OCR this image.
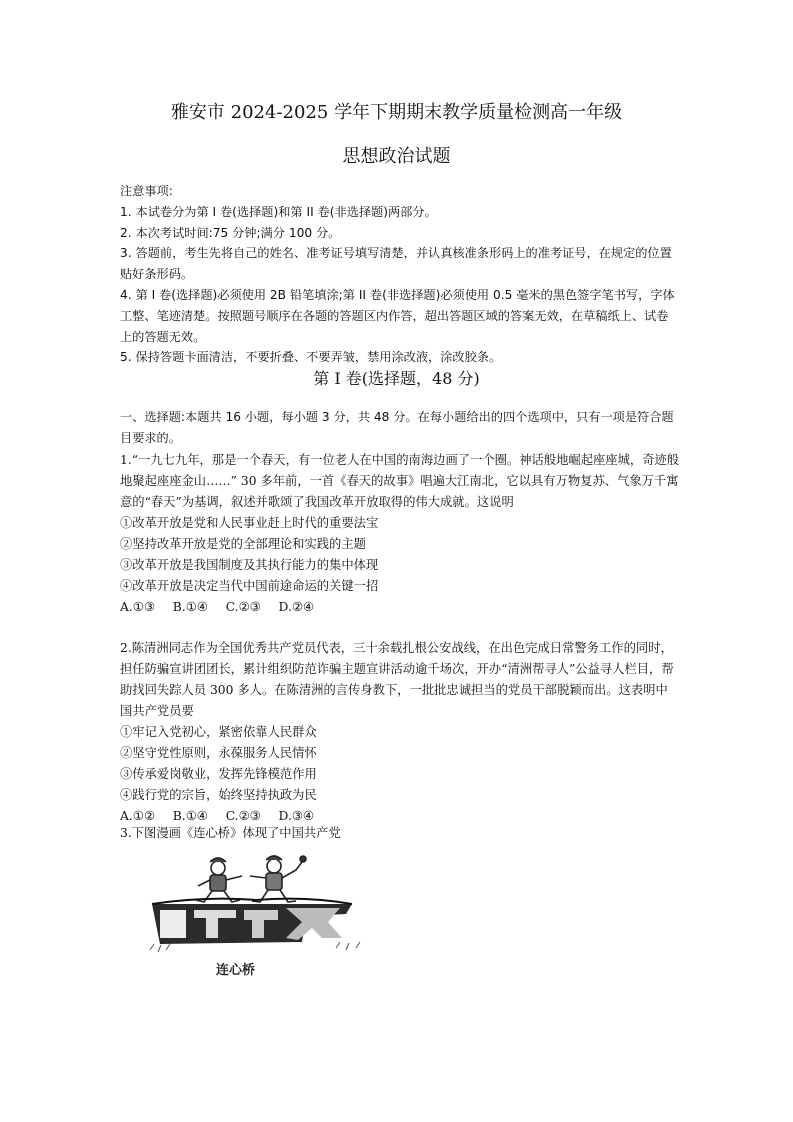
雅安市 2024-2025 学年下期期末教学质量检测高一年级
思想政治试题
注意事项:
1. 本试卷分为第 I 卷(选择题)和第 II 卷(非选择题)两部分。
2. 本次考试时间:75 分钟;满分 100 分。
3. 答题前，考生先将自己的姓名、准考证号填写清楚，并认真核准条形码上的准考证号，在规定的位置贴好条形码。
4. 第 I 卷(选择题)必须使用 2B 铅笔填涂;第 II 卷(非选择题)必须使用 0.5 毫米的黑色签字笔书写，字体工整、笔迹清楚。按照题号顺序在各题的答题区内作答，超出答题区域的答案无效，在草稿纸上、试卷上的答题无效。
5. 保持答题卡面清洁，不要折叠、不要弄皱，禁用涂改液，涂改胶条。
第 I 卷(选择题，48 分)
一、选择题:本题共 16 小题，每小题 3 分，共 48 分。在每小题给出的四个选项中，只有一项是符合题目要求的。
1.“一九七九年，那是一个春天，有一位老人在中国的南海边画了一个圈。神话般地崛起座座城，奇迹般地聚起座座金山……” 30 多年前，一首《春天的故事》唱遍大江南北，它以具有万物复苏、气象万千寓意的“春天”为基调，叙述并歌颂了我国改革开放取得的伟大成就。这说明
①改革开放是党和人民事业赶上时代的重要法宝
②坚持改革开放是党的全部理论和实践的主题
③改革开放是我国制度及其执行能力的集中体现
④改革开放是决定当代中国前途命运的关键一招
A.①③ B.①④ C.②③ D.②④
2.陈清洲同志作为全国优秀共产党员代表，三十余载扎根公安战线，在出色完成日常警务工作的同时，担任防骗宣讲团团长，累计组织防范诈骗主题宣讲活动逾千场次，开办“清洲帮寻人”公益寻人栏目，帮助找回失踪人员 300 多人。在陈清洲的言传身教下，一批批忠诚担当的党员干部脱颖而出。这表明中国共产党员要
①牢记入党初心，紧密依靠人民群众
②坚守党性原则，永葆服务人民情怀
③传承爱岗敬业，发挥先锋模范作用
④践行党的宗旨，始终坚持执政为民
A.①② B.①④ C.②③ D.③④
3.下图漫画《连心桥》体现了中国共产党
连心桥
